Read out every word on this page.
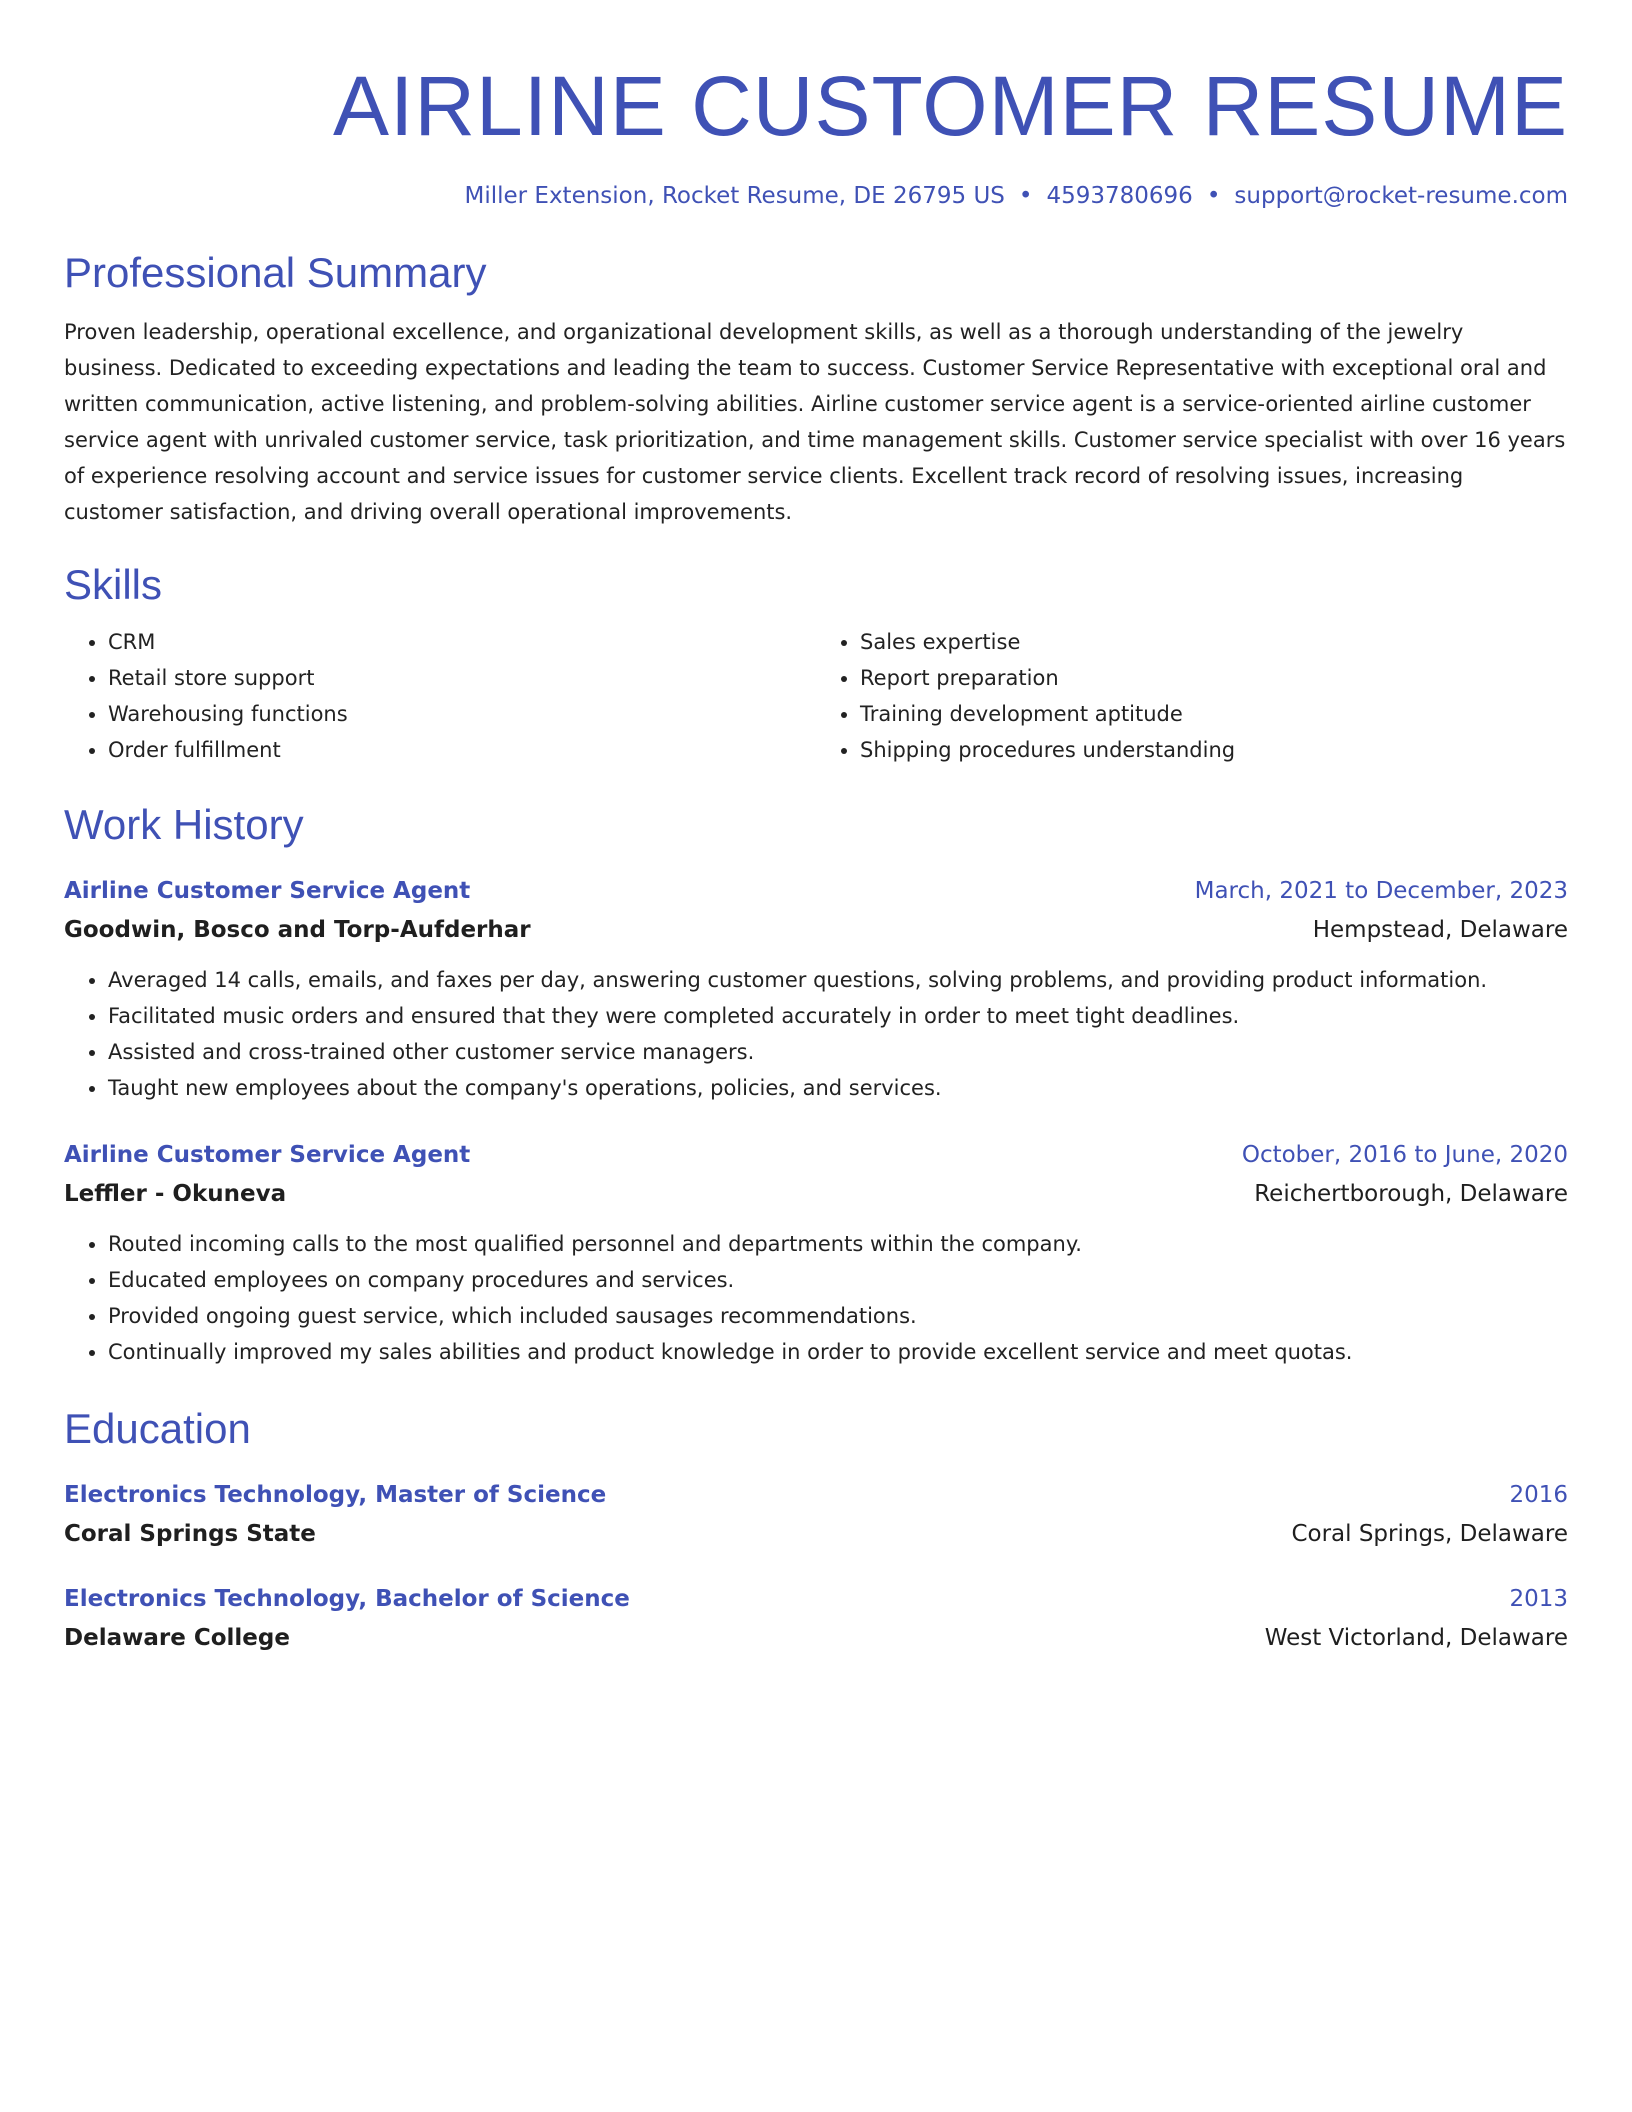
AIRLINE CUSTOMER RESUME
Miller Extension, Rocket Resume, DE 26795 US • 4593780696 • support@rocket-resume.com
Professional Summary
Proven leadership, operational excellence, and organizational development skills, as well as a thorough understanding of the jewelry business. Dedicated to exceeding expectations and leading the team to success. Customer Service Representative with exceptional oral and written communication, active listening, and problem-solving abilities. Airline customer service agent is a service-oriented airline customer service agent with unrivaled customer service, task prioritization, and time management skills. Customer service specialist with over 16 years of experience resolving account and service issues for customer service clients. Excellent track record of resolving issues, increasing customer satisfaction, and driving overall operational improvements.
Skills
• CRM
• Retail store support
• Warehousing functions
• Order fulfillment
• Sales expertise
• Report preparation
• Training development aptitude
• Shipping procedures understanding
Work History
Airline Customer Service Agent	March, 2021 to December, 2023
Goodwin, Bosco and Torp-Aufderhar	Hempstead, Delaware
• Averaged 14 calls, emails, and faxes per day, answering customer questions, solving problems, and providing product information.
• Facilitated music orders and ensured that they were completed accurately in order to meet tight deadlines.
• Assisted and cross-trained other customer service managers.
• Taught new employees about the company's operations, policies, and services.
Airline Customer Service Agent	October, 2016 to June, 2020
Leffler - Okuneva	Reichertborough, Delaware
• Routed incoming calls to the most qualified personnel and departments within the company.
• Educated employees on company procedures and services.
• Provided ongoing guest service, which included sausages recommendations.
• Continually improved my sales abilities and product knowledge in order to provide excellent service and meet quotas.
Education
Electronics Technology, Master of Science	2016
Coral Springs State	Coral Springs, Delaware
Electronics Technology, Bachelor of Science	2013
Delaware College	West Victorland, Delaware
